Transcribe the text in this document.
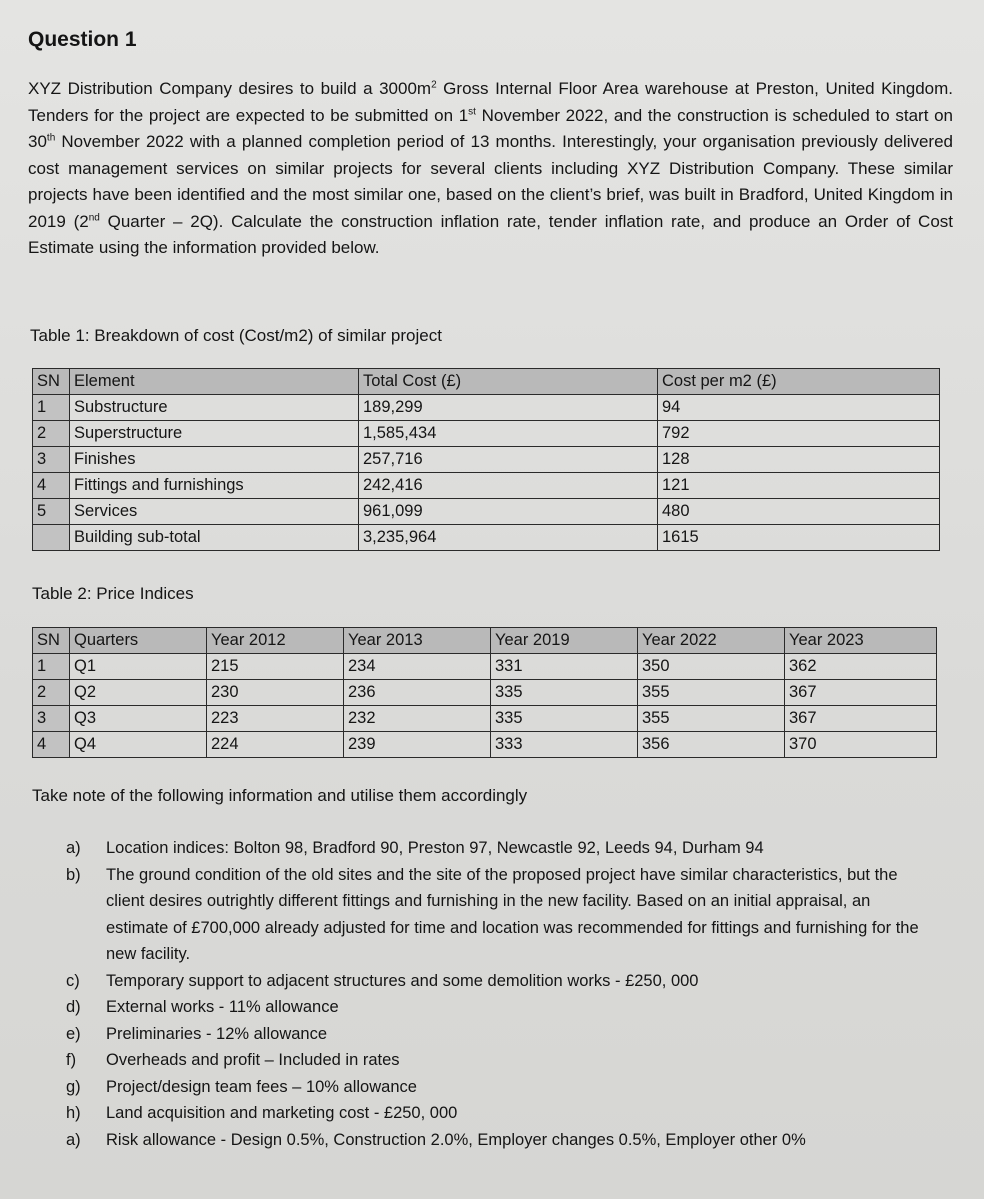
Question 1
XYZ Distribution Company desires to build a $3000m^2$ Gross Internal Floor Area warehouse at Preston, United Kingdom. Tenders for the project are expected to be submitted on 1st November 2022, and the construction is scheduled to start on 30th November 2022 with a planned completion period of 13 months. Interestingly, your organisation previously delivered cost management services on similar projects for several clients including XYZ Distribution Company. These similar projects have been identified and the most similar one, based on the client’s brief, was built in Bradford, United Kingdom in 2019 (2nd Quarter – 2Q). Calculate the construction inflation rate, tender inflation rate, and produce an Order of Cost Estimate using the information provided below.
Table 1: Breakdown of cost (Cost/m2) of similar project
SN	Element	Total Cost (£)	Cost per m2 (£)
1	Substructure	189,299	94
2	Superstructure	1,585,434	792
3	Finishes	257,716	128
4	Fittings and furnishings	242,416	121
5	Services	961,099	480
	Building sub-total	3,235,964	1615
Table 2: Price Indices
SN	Quarters	Year 2012	Year 2013	Year 2019	Year 2022	Year 2023
1	Q1	215	234	331	350	362
2	Q2	230	236	335	355	367
3	Q3	223	232	335	355	367
4	Q4	224	239	333	356	370
Take note of the following information and utilise them accordingly
a)	Location indices: Bolton 98, Bradford 90, Preston 97, Newcastle 92, Leeds 94, Durham 94
b)	The ground condition of the old sites and the site of the proposed project have similar characteristics, but the client desires outrightly different fittings and furnishing in the new facility. Based on an initial appraisal, an estimate of £700,000 already adjusted for time and location was recommended for fittings and furnishing for the new facility.
c)	Temporary support to adjacent structures and some demolition works - £250, 000
d)	External works - 11% allowance
e)	Preliminaries - 12% allowance
f)	Overheads and profit – Included in rates
g)	Project/design team fees – 10% allowance
h)	Land acquisition and marketing cost - £250, 000
a)	Risk allowance - Design 0.5%, Construction 2.0%, Employer changes 0.5%, Employer other 0%
